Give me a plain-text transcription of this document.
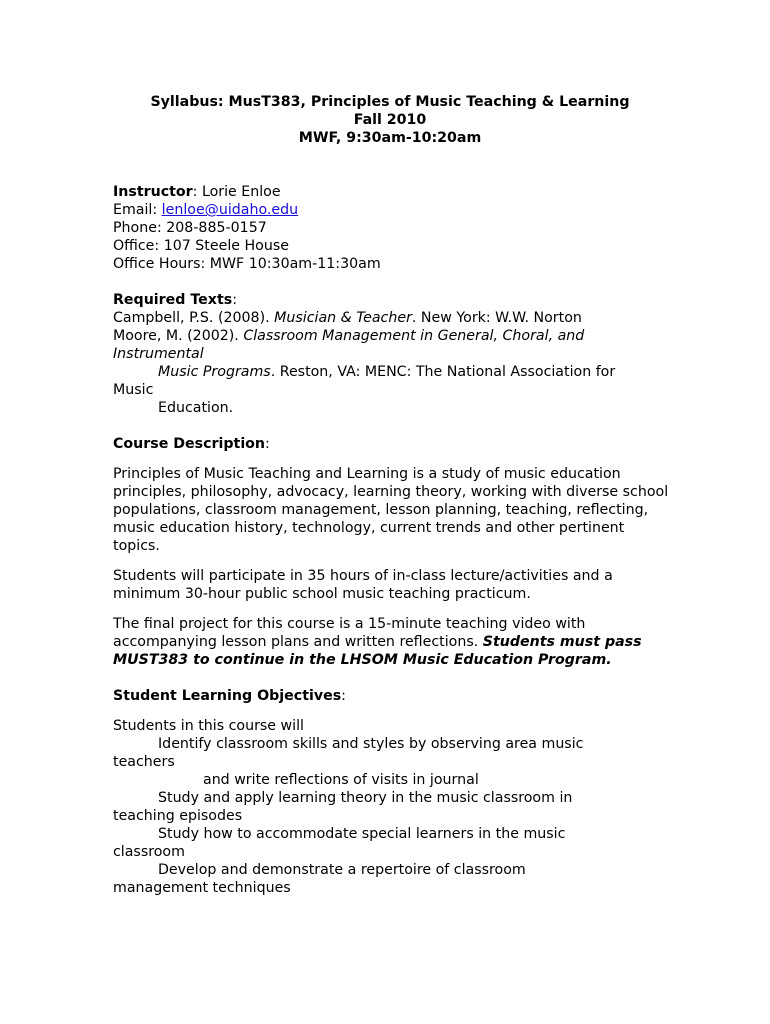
Syllabus: MusT383, Principles of Music Teaching & Learning
Fall 2010
MWF, 9:30am-10:20am
Instructor: Lorie Enloe
Email: lenloe@uidaho.edu
Phone: 208-885-0157
Office: 107 Steele House
Office Hours: MWF 10:30am-11:30am
Required Texts:
Campbell, P.S. (2008). Musician & Teacher. New York: W.W. Norton
Moore, M. (2002). Classroom Management in General, Choral, and
Instrumental
Music Programs. Reston, VA: MENC: The National Association for
Music
Education.
Course Description:

Principles of Music Teaching and Learning is a study of music education principles, philosophy, advocacy, learning theory, working with diverse school populations, classroom management, lesson planning, teaching, reflecting, music education history, technology, current trends and other pertinent topics.

Students will participate in 35 hours of in-class lecture/activities and a minimum 30-hour public school music teaching practicum.

The final project for this course is a 15-minute teaching video with accompanying lesson plans and written reflections. Students must pass MUST383 to continue in the LHSOM Music Education Program.

Student Learning Objectives:
Students in this course will
Identify classroom skills and styles by observing area music
teachers
and write reflections of visits in journal
Study and apply learning theory in the music classroom in
teaching episodes
Study how to accommodate special learners in the music
classroom
Develop and demonstrate a repertoire of classroom
management techniques
